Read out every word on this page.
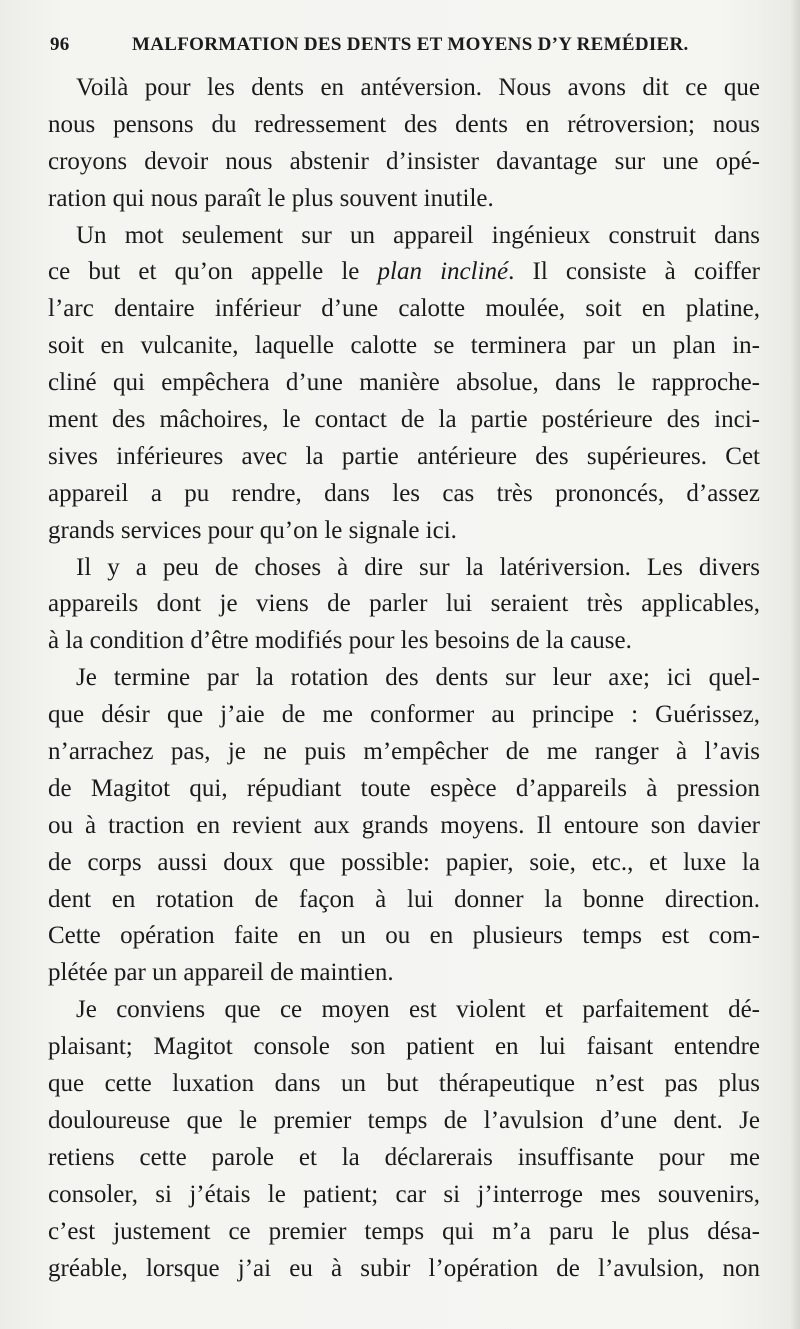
96	MALFORMATION DES DENTS ET MOYENS D’Y REMÉDIER.
Voilà pour les dents en antéversion. Nous avons dit ce que
nous pensons du redressement des dents en rétroversion; nous
croyons devoir nous abstenir d’insister davantage sur une opé-
ration qui nous paraît le plus souvent inutile.
Un mot seulement sur un appareil ingénieux construit dans
ce but et qu’on appelle le plan incliné. Il consiste à coiffer
l’arc dentaire inférieur d’une calotte moulée, soit en platine,
soit en vulcanite, laquelle calotte se terminera par un plan in-
cliné qui empêchera d’une manière absolue, dans le rapproche-
ment des mâchoires, le contact de la partie postérieure des inci-
sives inférieures avec la partie antérieure des supérieures. Cet
appareil a pu rendre, dans les cas très prononcés, d’assez
grands services pour qu’on le signale ici.
Il y a peu de choses à dire sur la latériversion. Les divers
appareils dont je viens de parler lui seraient très applicables,
à la condition d’être modifiés pour les besoins de la cause.
Je termine par la rotation des dents sur leur axe; ici quel-
que désir que j’aie de me conformer au principe : Guérissez,
n’arrachez pas, je ne puis m’empêcher de me ranger à l’avis
de Magitot qui, répudiant toute espèce d’appareils à pression
ou à traction en revient aux grands moyens. Il entoure son davier
de corps aussi doux que possible: papier, soie, etc., et luxe la
dent en rotation de façon à lui donner la bonne direction.
Cette opération faite en un ou en plusieurs temps est com-
plétée par un appareil de maintien.
Je conviens que ce moyen est violent et parfaitement dé-
plaisant; Magitot console son patient en lui faisant entendre
que cette luxation dans un but thérapeutique n’est pas plus
douloureuse que le premier temps de l’avulsion d’une dent. Je
retiens cette parole et la déclarerais insuffisante pour me
consoler, si j’étais le patient; car si j’interroge mes souvenirs,
c’est justement ce premier temps qui m’a paru le plus désa-
gréable, lorsque j’ai eu à subir l’opération de l’avulsion, non
